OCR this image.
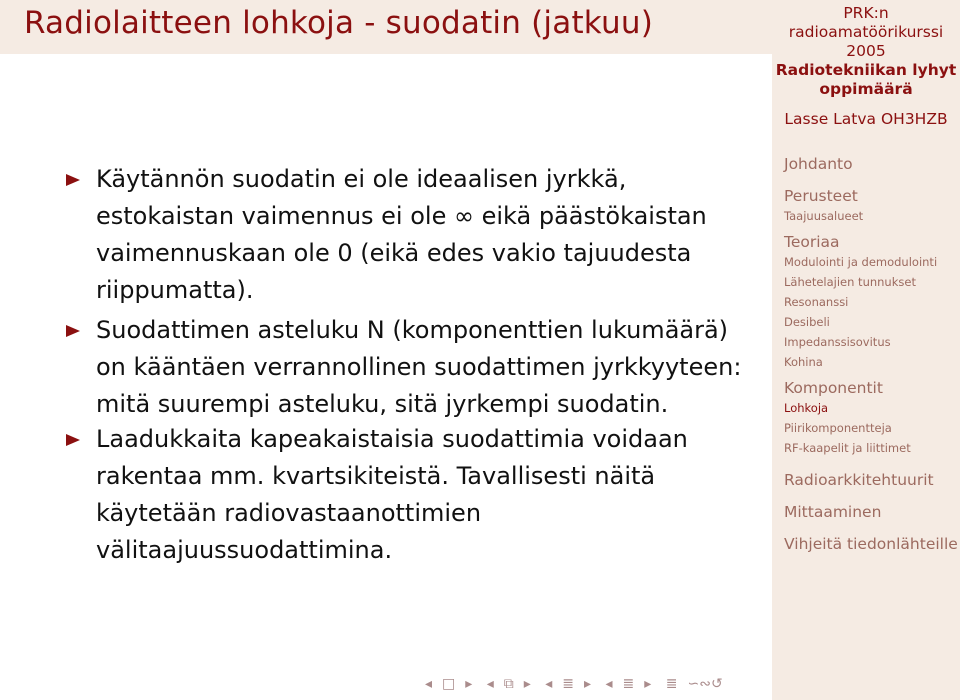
Radiolaitteen lohkoja - suodatin (jatkuu)
Käytännön suodatin ei ole ideaalisen jyrkkä, estokaistan vaimennus ei ole ∞ eikä päästökaistan vaimennuskaan ole 0 (eikä edes vakio tajuudesta riippumatta).
Suodattimen asteluku N (komponenttien lukumäärä) on kääntäen verrannollinen suodattimen jyrkkyyteen: mitä suurempi asteluku, sitä jyrkempi suodatin.
Laadukkaita kapeakaistaisia suodattimia voidaan rakentaa mm. kvartsikiteistä. Tavallisesti näitä käytetään radiovastaanottimien välitaajuussuodattimina.
◂ □ ▸ ◂ ⧉ ▸ ◂ ≣ ▸ ◂ ≣ ▸ ≣ ∽∾↺
PRK:n
radioamatöörikurssi
2005
Radiotekniikan lyhyt
oppimäärä
Lasse Latva OH3HZB
Johdanto
Perusteet
Taajuusalueet
Teoriaa
Modulointi ja demodulointi
Lähetelajien tunnukset
Resonanssi
Desibeli
Impedanssisovitus
Kohina
Komponentit
Lohkoja
Piirikomponentteja
RF-kaapelit ja liittimet
Radioarkkitehtuurit
Mittaaminen
Vihjeitä tiedonlähteille
